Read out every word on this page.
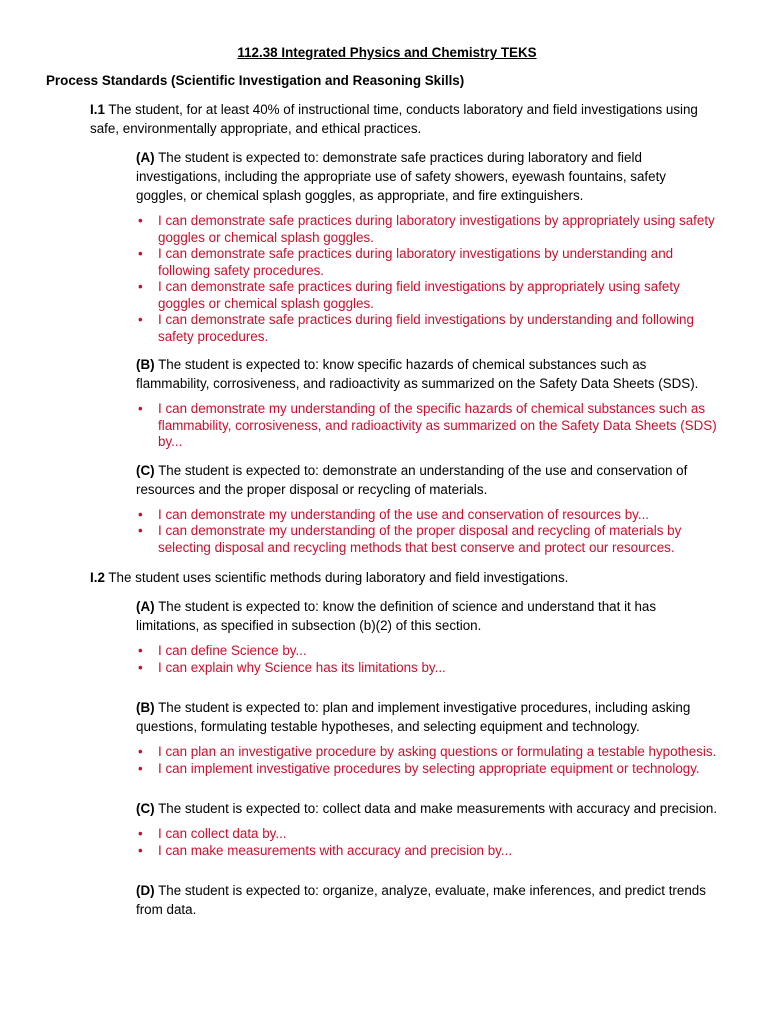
112.38 Integrated Physics and Chemistry TEKS
Process Standards (Scientific Investigation and Reasoning Skills)
I.1 The student, for at least 40% of instructional time, conducts laboratory and field investigations using safe, environmentally appropriate, and ethical practices.
(A) The student is expected to: demonstrate safe practices during laboratory and field investigations, including the appropriate use of safety showers, eyewash fountains, safety goggles, or chemical splash goggles, as appropriate, and fire extinguishers.
• I can demonstrate safe practices during laboratory investigations by appropriately using safety goggles or chemical splash goggles.
• I can demonstrate safe practices during laboratory investigations by understanding and following safety procedures.
• I can demonstrate safe practices during field investigations by appropriately using safety goggles or chemical splash goggles.
• I can demonstrate safe practices during field investigations by understanding and following safety procedures.
(B) The student is expected to: know specific hazards of chemical substances such as flammability, corrosiveness, and radioactivity as summarized on the Safety Data Sheets (SDS).
• I can demonstrate my understanding of the specific hazards of chemical substances such as flammability, corrosiveness, and radioactivity as summarized on the Safety Data Sheets (SDS) by...
(C) The student is expected to: demonstrate an understanding of the use and conservation of resources and the proper disposal or recycling of materials.
• I can demonstrate my understanding of the use and conservation of resources by...
• I can demonstrate my understanding of the proper disposal and recycling of materials by selecting disposal and recycling methods that best conserve and protect our resources.
I.2 The student uses scientific methods during laboratory and field investigations.
(A) The student is expected to: know the definition of science and understand that it has limitations, as specified in subsection (b)(2) of this section.
• I can define Science by...
• I can explain why Science has its limitations by...
(B) The student is expected to: plan and implement investigative procedures, including asking questions, formulating testable hypotheses, and selecting equipment and technology.
• I can plan an investigative procedure by asking questions or formulating a testable hypothesis.
• I can implement investigative procedures by selecting appropriate equipment or technology.
(C) The student is expected to: collect data and make measurements with accuracy and precision.
• I can collect data by...
• I can make measurements with accuracy and precision by...
(D) The student is expected to: organize, analyze, evaluate, make inferences, and predict trends from data.
